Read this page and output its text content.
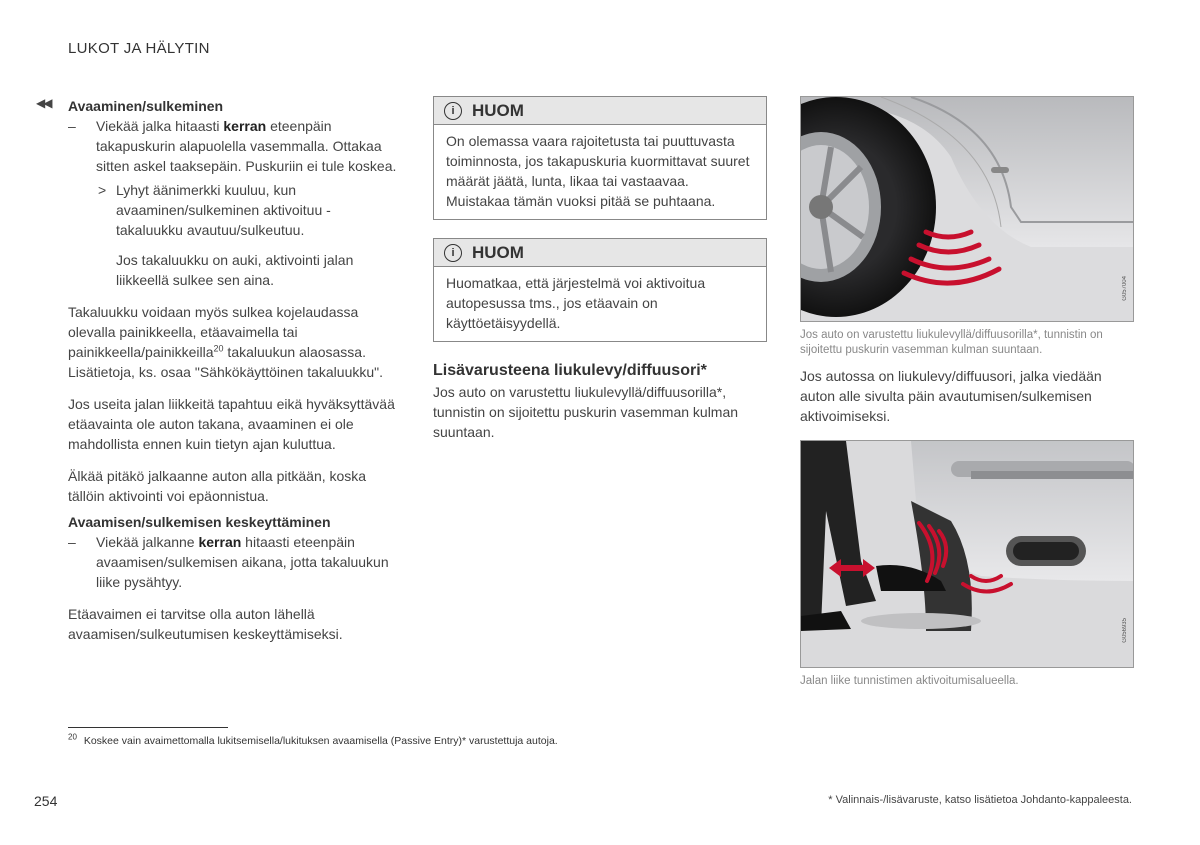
LUKOT JA HÄLYTIN
◀◀ Avaaminen/sulkeminen
– Viekää jalka hitaasti kerran eteenpäin takapuskurin alapuolella vasemmalla. Ottakaa sitten askel taaksepäin. Puskuriin ei tule koskea.
> Lyhyt äänimerkki kuuluu, kun avaaminen/sulkeminen aktivoituu - takaluukku avautuu/sulkeutuu.
Jos takaluukku on auki, aktivointi jalan liikkeellä sulkee sen aina.

Takaluukku voidaan myös sulkea kojelaudassa olevalla painikkeella, etäavaimella tai painikkeella/painikkeilla$^{20}$ takaluukun alaosassa. Lisätietoja, ks. osaa "Sähkökäyttöinen takaluukku".

Jos useita jalan liikkeitä tapahtuu eikä hyväksyttävää etäavainta ole auton takana, avaaminen ei ole mahdollista ennen kuin tietyn ajan kuluttua.

Älkää pitäkö jalkaanne auton alla pitkään, koska tällöin aktivointi voi epäonnistua.

Avaamisen/sulkemisen keskeyttäminen
– Viekää jalkanne kerran hitaasti eteenpäin avaamisen/sulkemisen aikana, jotta takaluukun liike pysähtyy.

Etäavaimen ei tarvitse olla auton lähellä avaamisen/sulkeutumisen keskeyttämiseksi.

i	HUOM
On olemassa vaara rajoitetusta tai puuttuvasta toiminnosta, jos takapuskuria kuormittavat suuret määrät jäätä, lunta, likaa tai vastaavaa. Muistakaa tämän vuoksi pitää se puhtaana.
i	HUOM
Huomatkaa, että järjestelmä voi aktivoitua autopesussa tms., jos etäavain on käyttöetäisyydellä.
Lisävarusteena liukulevy/diffuusori*

Jos auto on varustettu liukulevyllä/diffuusorilla*, tunnistin on sijoitettu puskurin vasemman kulman suuntaan.

G057004
Jos auto on varustettu liukulevyllä/diffuusorilla*, tunnistin on sijoitettu puskurin vasemman kulman suuntaan.

Jos autossa on liukulevy/diffuusori, jalka viedään auton alle sivulta päin avautumisen/sulkemisen aktivoimiseksi.

G056935
Jalan liike tunnistimen aktivoitumisalueella.
$^{20}$ Koskee vain avaimettomalla lukitsemisella/lukituksen avaamisella (Passive Entry)* varustettuja autoja.
254	* Valinnais-/lisävaruste, katso lisätietoa Johdanto-kappaleesta.
